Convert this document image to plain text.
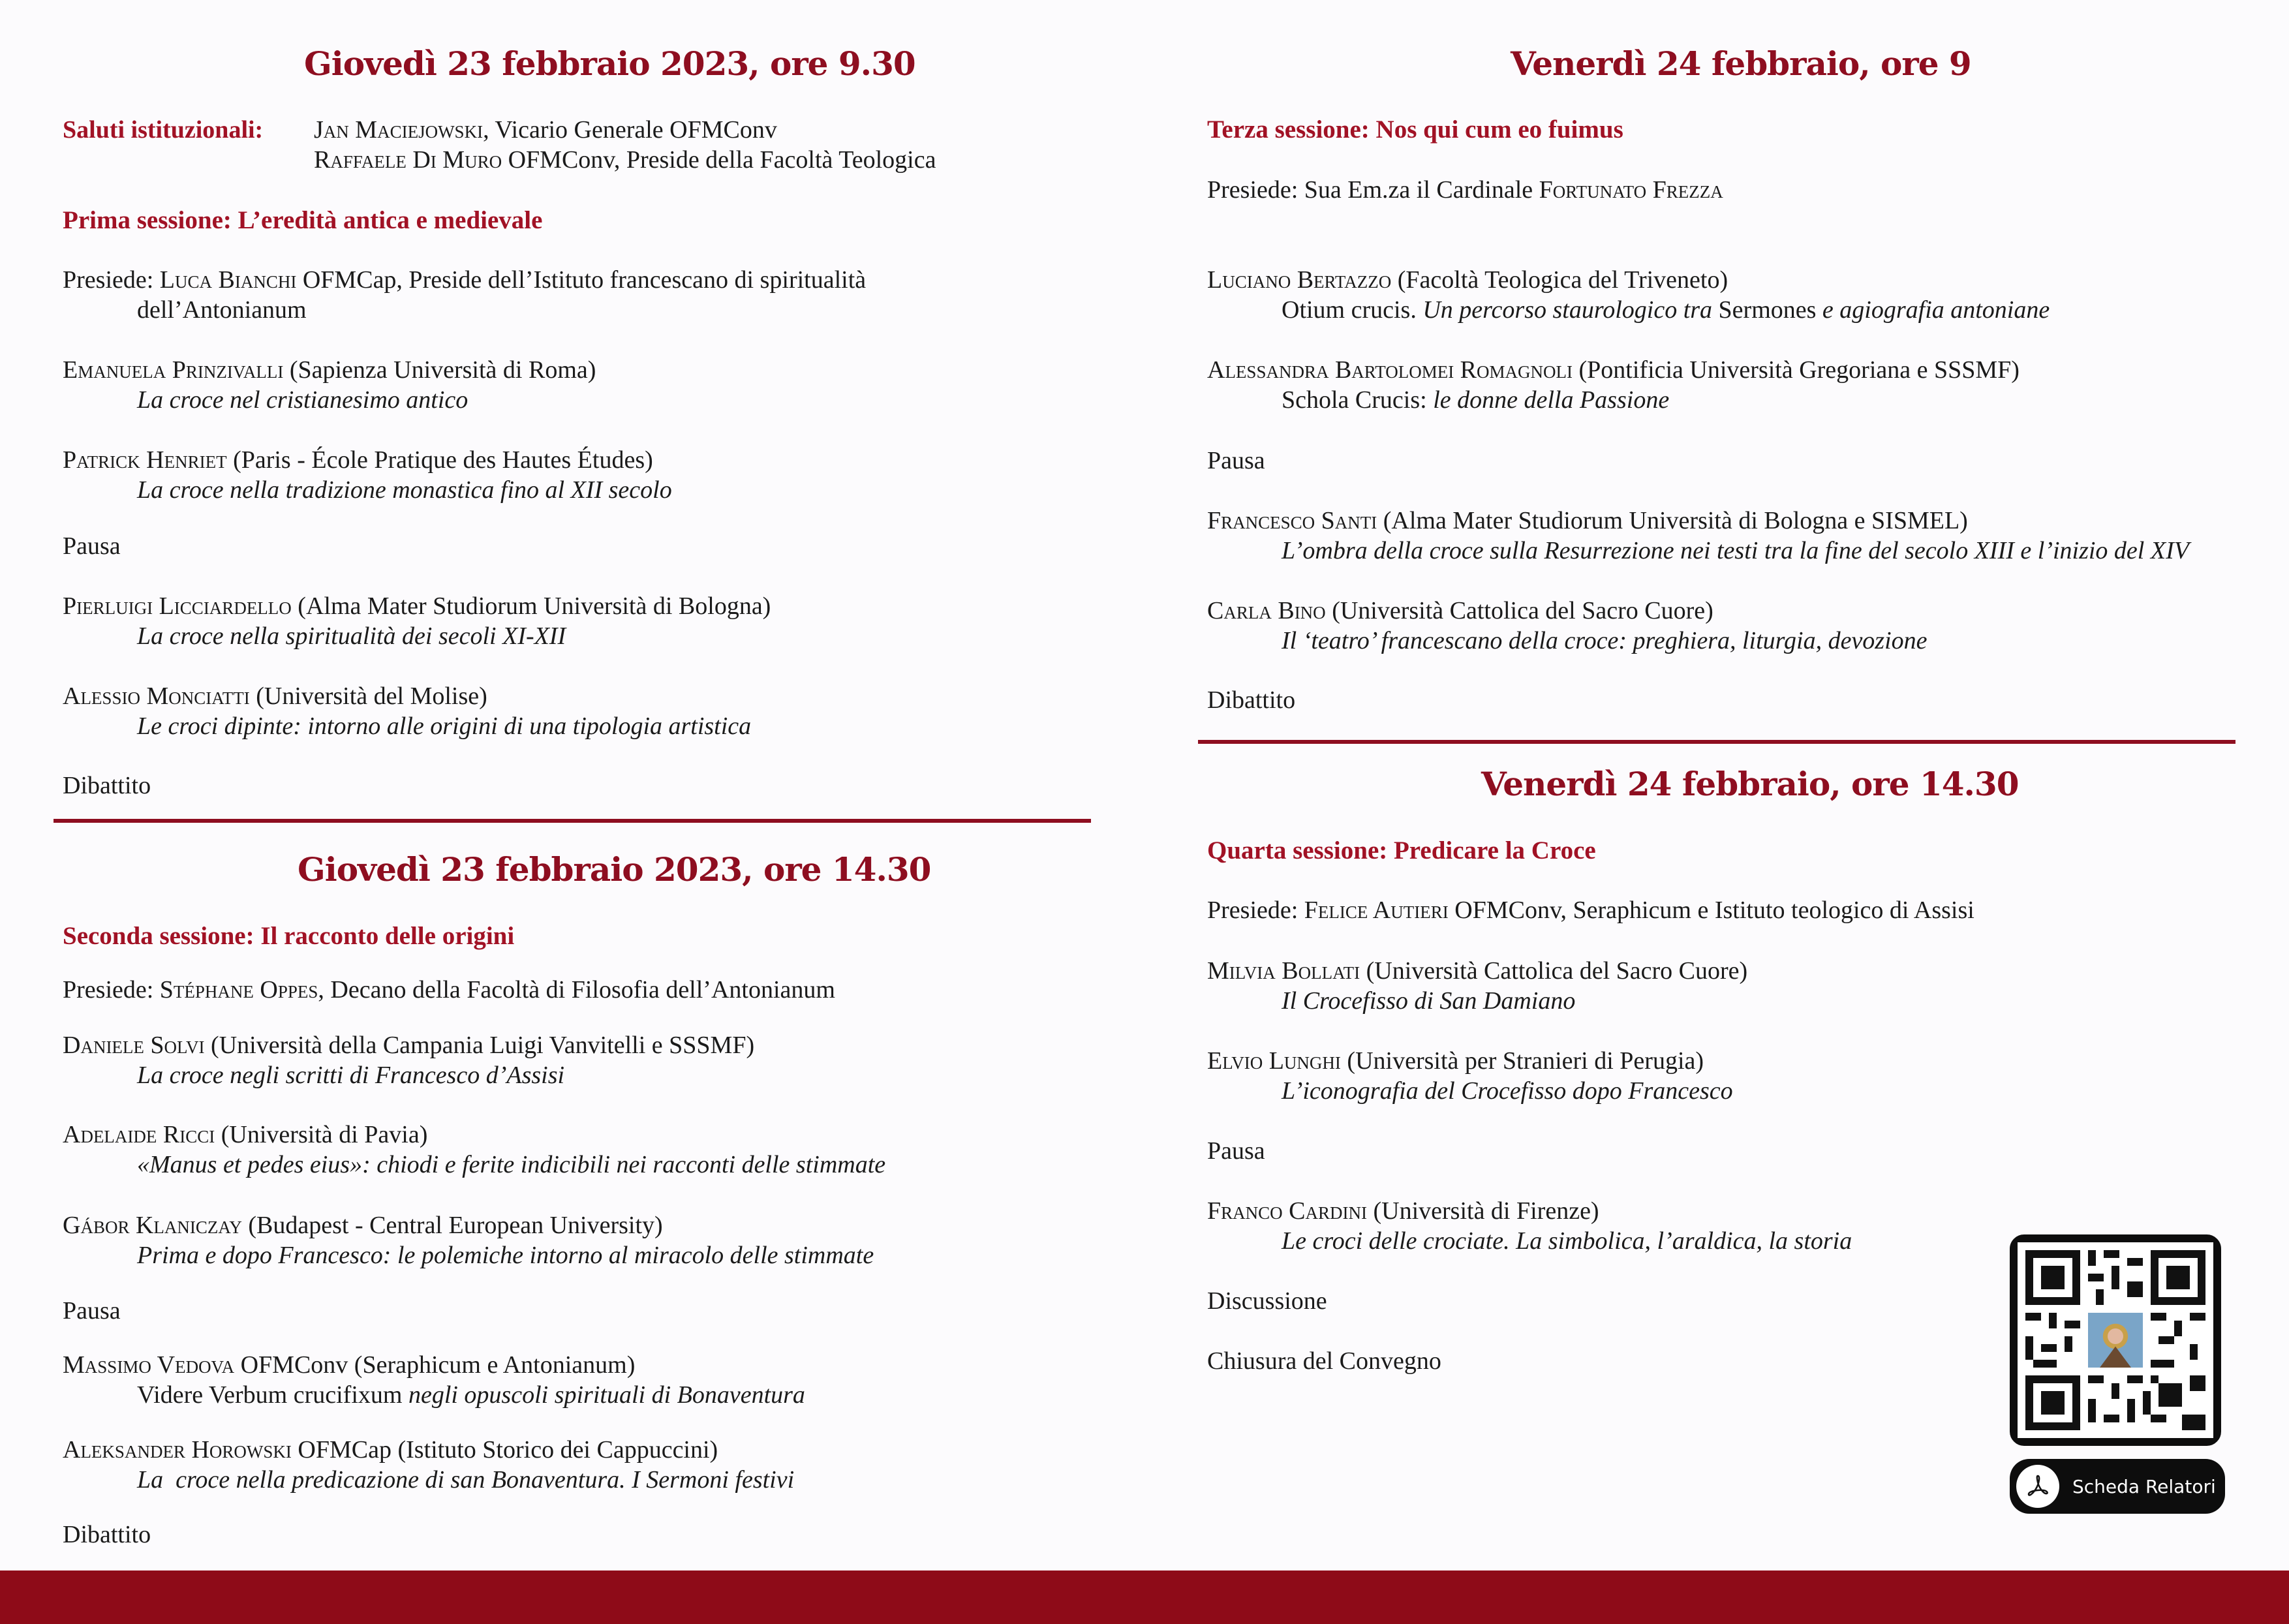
Giovedì 23 febbraio 2023, ore 9.30
Saluti istituzionali: Jan Maciejowski, Vicario Generale OFMConv
Raffaele Di Muro OFMConv, Preside della Facoltà Teologica
Prima sessione: L’eredità antica e medievale
Presiede: Luca Bianchi OFMCap, Preside dell’Istituto francescano di spiritualità
dell’Antonianum
Emanuela Prinzivalli (Sapienza Università di Roma)
La croce nel cristianesimo antico
Patrick Henriet (Paris - École Pratique des Hautes Études)
La croce nella tradizione monastica fino al XII secolo
Pausa
Pierluigi Licciardello (Alma Mater Studiorum Università di Bologna)
La croce nella spiritualità dei secoli XI-XII
Alessio Monciatti (Università del Molise)
Le croci dipinte: intorno alle origini di una tipologia artistica
Dibattito
Giovedì 23 febbraio 2023, ore 14.30
Seconda sessione: Il racconto delle origini
Presiede: Stéphane Oppes, Decano della Facoltà di Filosofia dell’Antonianum
Daniele Solvi (Università della Campania Luigi Vanvitelli e SSSMF)
La croce negli scritti di Francesco d’Assisi
Adelaide Ricci (Università di Pavia)
«Manus et pedes eius»: chiodi e ferite indicibili nei racconti delle stimmate
Gábor Klaniczay (Budapest - Central European University)
Prima e dopo Francesco: le polemiche intorno al miracolo delle stimmate
Pausa
Massimo Vedova OFMConv (Seraphicum e Antonianum)
Videre Verbum crucifixum negli opuscoli spirituali di Bonaventura
Aleksander Horowski OFMCap (Istituto Storico dei Cappuccini)
La  croce nella predicazione di san Bonaventura. I Sermoni festivi
Dibattito
Venerdì 24 febbraio, ore 9
Terza sessione: Nos qui cum eo fuimus
Presiede: Sua Em.za il Cardinale Fortunato Frezza
Luciano Bertazzo (Facoltà Teologica del Triveneto)
Otium crucis. Un percorso staurologico tra Sermones e agiografia antoniane
Alessandra Bartolomei Romagnoli (Pontificia Università Gregoriana e SSSMF)
Schola Crucis: le donne della Passione
Pausa
Francesco Santi (Alma Mater Studiorum Università di Bologna e SISMEL)
L’ombra della croce sulla Resurrezione nei testi tra la fine del secolo XIII e l’inizio del XIV
Carla Bino (Università Cattolica del Sacro Cuore)
Il ‘teatro’ francescano della croce: preghiera, liturgia, devozione
Dibattito
Venerdì 24 febbraio, ore 14.30
Quarta sessione: Predicare la Croce
Presiede: Felice Autieri OFMConv, Seraphicum e Istituto teologico di Assisi
Milvia Bollati (Università Cattolica del Sacro Cuore)
Il Crocefisso di San Damiano
Elvio Lunghi (Università per Stranieri di Perugia)
L’iconografia del Crocefisso dopo Francesco
Pausa
Franco Cardini (Università di Firenze)
Le croci delle crociate. La simbolica, l’araldica, la storia
Discussione
Chiusura del Convegno
Scheda Relatori
